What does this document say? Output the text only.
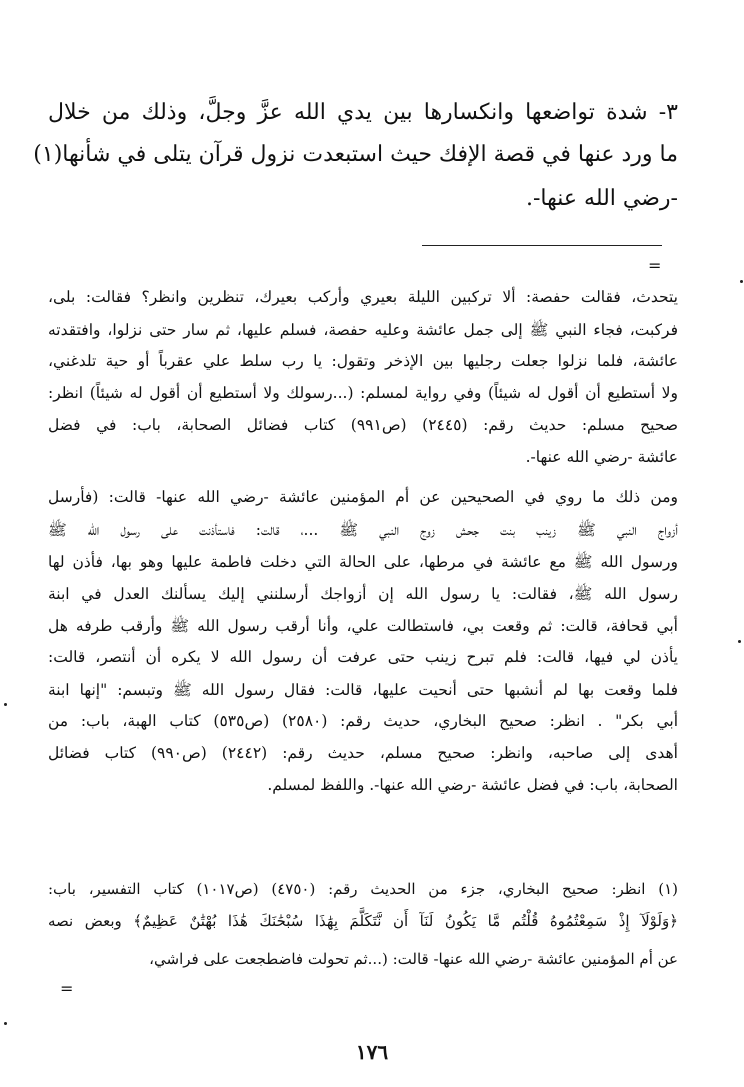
٣- شدة تواضعها وانكسارها بين يدي الله عزَّ وجلَّ، وذلك من خلال
ما ورد عنها في قصة الإفك حيث استبعدت نزول قرآن يتلى في شأنها(١)
-رضي الله عنها-.
=
يتحدث، فقالت حفصة: ألا تركبين الليلة بعيري وأركب بعيرك، تنظرين وانظر؟ فقالت: بلى،
فركبت، فجاء النبي ﷺ إلى جمل عائشة وعليه حفصة، فسلم عليها، ثم سار حتى نزلوا، وافتقدته
عائشة، فلما نزلوا جعلت رجليها بين الإذخر وتقول: يا رب سلط علي عقرباً أو حية تلدغني،
ولا أستطيع أن أقول له شيئاً) وفي رواية لمسلم: (...رسولك ولا أستطيع أن أقول له شيئاً) انظر:
صحيح مسلم: حديث رقم: (٢٤٤٥) (ص٩٩١) كتاب فضائل الصحابة، باب: في فضل
عائشة -رضي الله عنها-.
ومن ذلك ما روي في الصحيحين عن أم المؤمنين عائشة -رضي الله عنها- قالت: (فأرسل
أزواج النبي ﷺ زينب بنت جحش زوج النبي ﷺ ...، قالت: فاستأذنت على رسول الله ﷺ
ورسول الله ﷺ مع عائشة في مرطها، على الحالة التي دخلت فاطمة عليها وهو بها، فأذن لها
رسول الله ﷺ، فقالت: يا رسول الله إن أزواجك أرسلنني إليك يسألنك العدل في ابنة
أبي قحافة، قالت: ثم وقعت بي، فاستطالت علي، وأنا أرقب رسول الله ﷺ وأرقب طرفه هل
يأذن لي فيها، قالت: فلم تبرح زينب حتى عرفت أن رسول الله لا يكره أن أنتصر، قالت:
فلما وقعت بها لم أنشبها حتى أنحيت عليها، قالت: فقال رسول الله ﷺ وتبسم: "إنها ابنة
أبي بكر" . انظر: صحيح البخاري، حديث رقم: (٢٥٨٠) (ص٥٣٥) كتاب الهبة، باب: من
أهدى إلى صاحبه، وانظر: صحيح مسلم، حديث رقم: (٢٤٤٢) (ص٩٩٠) كتاب فضائل
الصحابة، باب: في فضل عائشة -رضي الله عنها-. واللفظ لمسلم.
(١) انظر: صحيح البخاري، جزء من الحديث رقم: (٤٧٥٠) (ص١٠١٧) كتاب التفسير، باب:
﴿وَلَوْلَآ إِذْ سَمِعْتُمُوهُ قُلْتُم مَّا يَكُونُ لَنَآ أَن نَّتَكَلَّمَ بِهَٰذَا سُبْحَٰنَكَ هَٰذَا بُهْتَٰنٌ عَظِيمٌ﴾ وبعض نصه
عن أم المؤمنين عائشة -رضي الله عنها- قالت: (...ثم تحولت فاضطجعت على فراشي،
=
١٧٦
